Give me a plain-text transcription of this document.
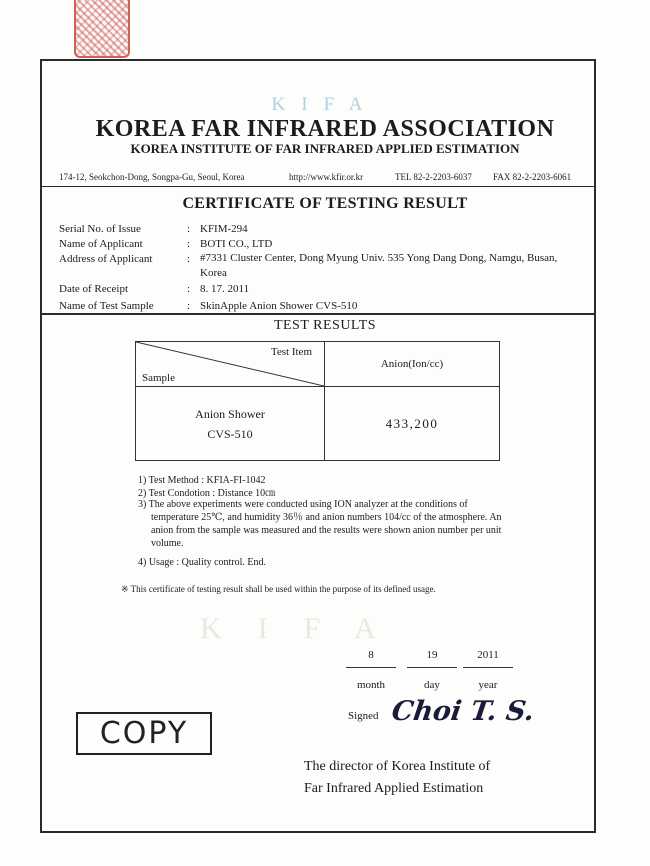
KIFA
KOREA FAR INFRARED ASSOCIATION
KOREA INSTITUTE OF FAR INFRARED APPLIED ESTIMATION
174-12, Seokchon-Dong, Songpa-Gu, Seoul, Korea	http://www.kfir.or.kr	TEL 82-2-2203-6037 FAX 82-2-2203-6061
CERTIFICATE OF TESTING RESULT
Serial No. of Issue	: KFIM-294
Name of Applicant	: BOTI CO., LTD
Address of Applicant	: #7331 Cluster Center, Dong Myung Univ. 535 Yong Dang Dong, Namgu, Busan, Korea
Date of Receipt	: 8. 17. 2011
Name of Test Sample	: SkinApple Anion Shower CVS-510
TEST RESULTS
Test Item
Sample	Anion(Ion/cc)

Anion Shower
CVS-510	433,200
1) Test Method : KFIA-FI-1042
2) Test Condotion : Distance 10㎝
3) The above experiments were conducted using ION analyzer at the conditions of temperature 25℃, and humidity 36％ and anion numbers 104/cc of the atmosphere. An anion from the sample was measured and the results were shown anion number per unit volume.
4) Usage : Quality control. End.
※ This certificate of testing result shall be used within the purpose of its defined usage.
KIFA
8	19	2011
month	day	year
Signed Choi T. S.
COPY
The director of Korea Institute of
Far Infrared Applied Estimation
